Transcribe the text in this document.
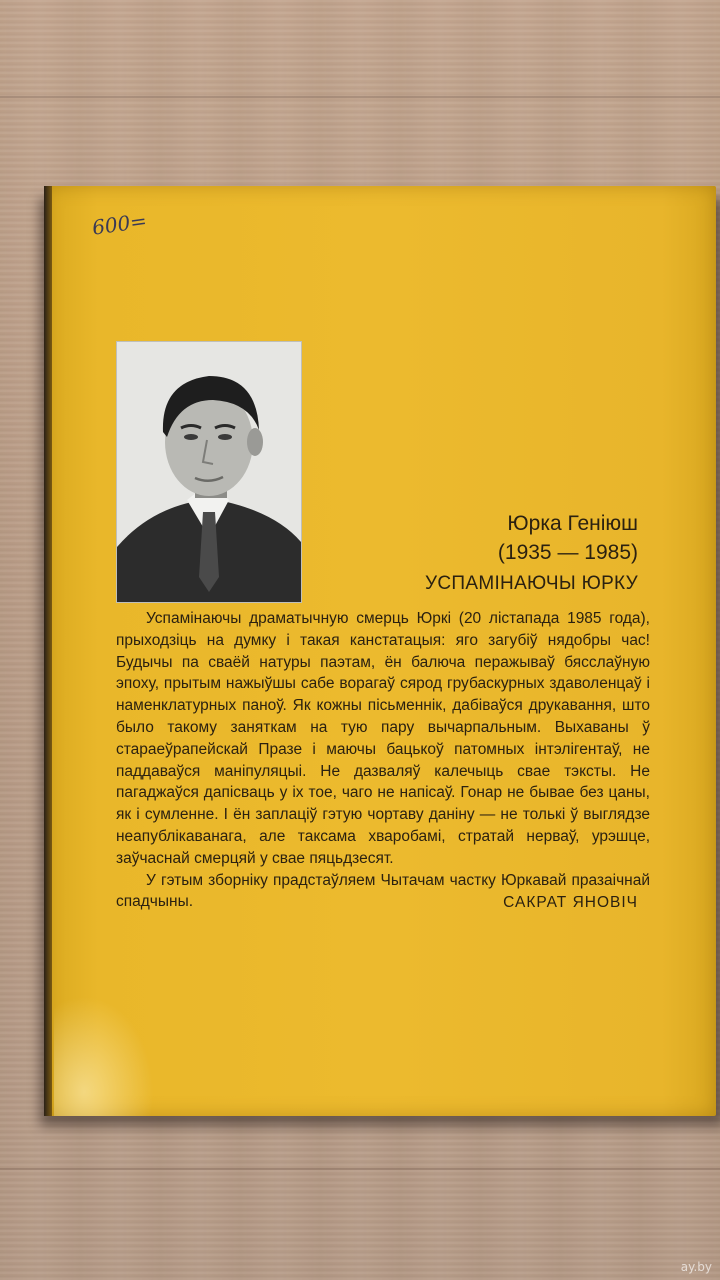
600=
Юрка Геніюш
(1935 — 1985)
УСПАМІНАЮЧЫ ЮРКУ

Успамінаючы драматычную смерць Юркі (20 лістапада 1985 года), прыходзіць на думку і такая канстатацыя: яго загубіў нядобры час! Будычы па сваёй натуры паэтам, ён балюча перажываў бясслаўную эпоху, прытым нажыўшы сабе ворагаў сярод грубаскурных здаволенцаў і наменклатурных паноў. Як кожны пісьменнік, дабіваўся друкавання, што было такому заняткам на тую пару вычарпальным. Выхаваны ў стараеўрапейскай Празе і маючы бацькоў патомных інтэлігентаў, не паддаваўся маніпуляцыі. Не дазваляў калечыць свае тэксты. Не пагаджаўся дапісваць у іх тое, чаго не напісаў. Гонар не бывае без цаны, як і сумленне. І ён заплаціў гэтую чортаву даніну — не толькі ў выглядзе неапублікаванага, але таксама хваробамі, стратай нерваў, урэшце, заўчаснай смерцяй у свае пяцьдзесят.

У гэтым зборніку прадстаўляем Чытачам частку Юркавай празаічнай спадчыны.	САКРАТ ЯНОВІЧ
ay.by
